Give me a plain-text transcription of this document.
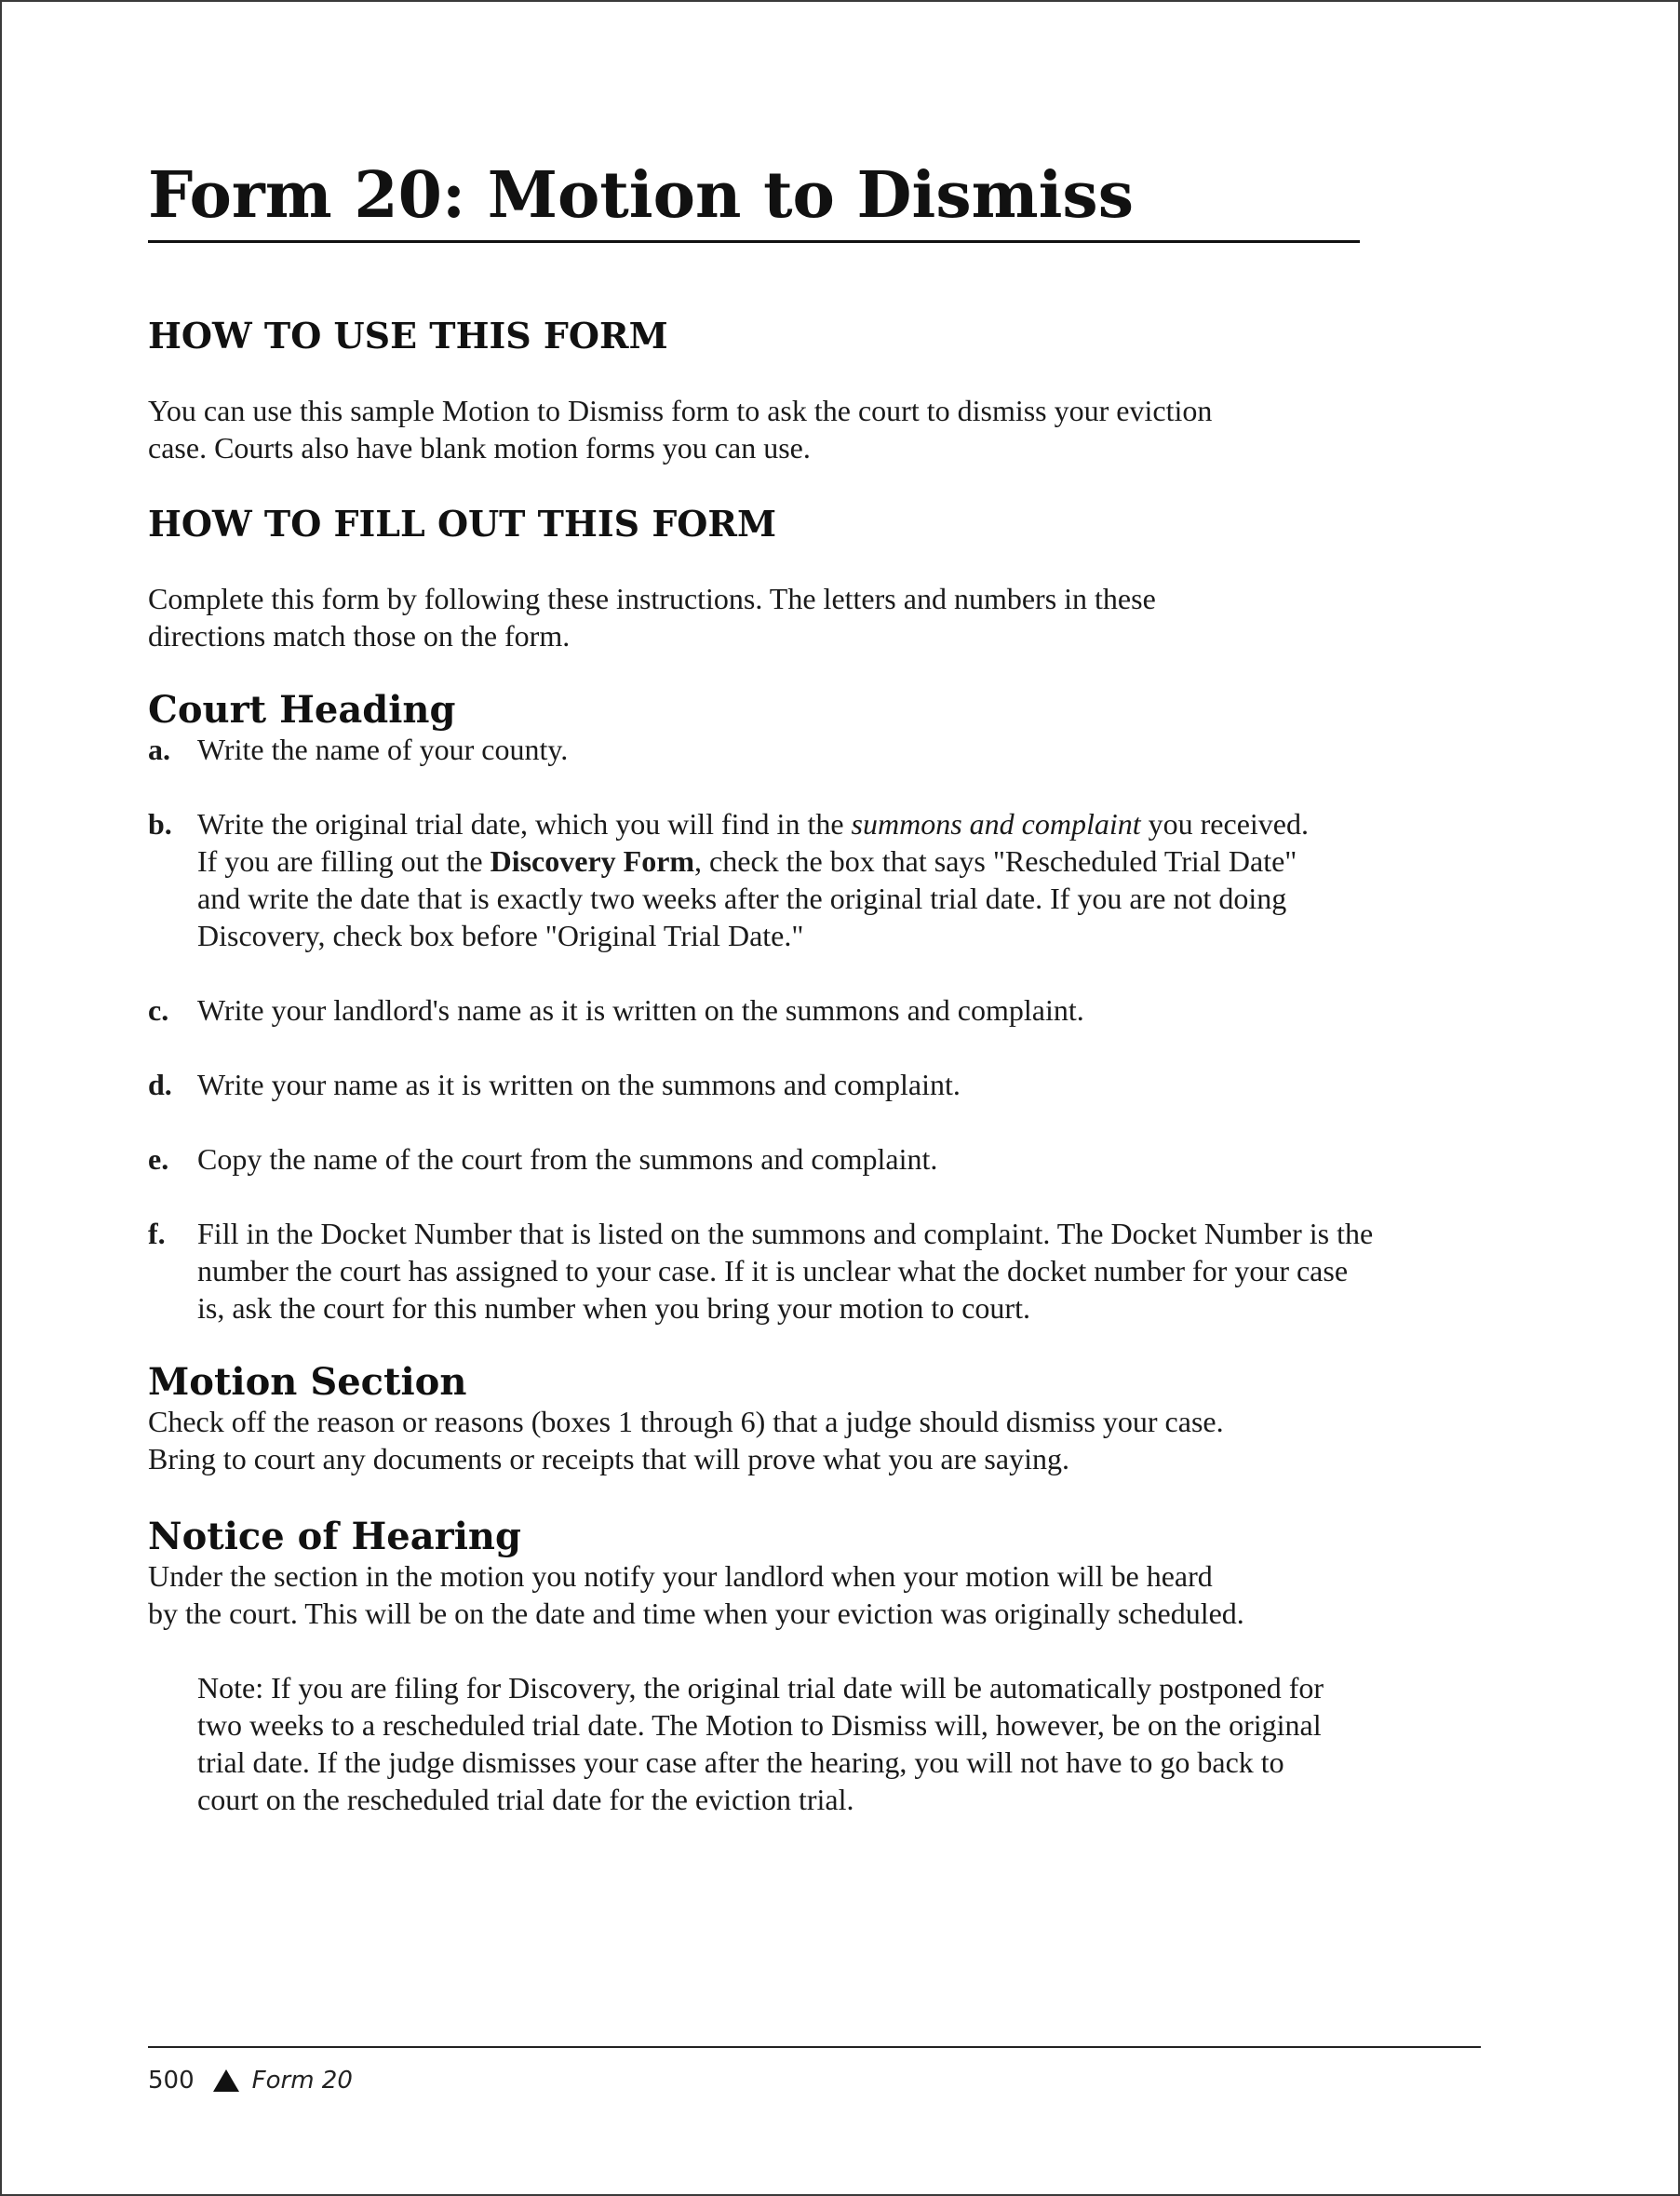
Form 20: Motion to Dismiss
HOW TO USE THIS FORM

You can use this sample Motion to Dismiss form to ask the court to dismiss your eviction

case. Courts also have blank motion forms you can use.

HOW TO FILL OUT THIS FORM

Complete this form by following these instructions. The letters and numbers in these

directions match those on the form.

Court Heading
a. Write the name of your county.
b. Write the original trial date, which you will find in the summons and complaint you received. If you are filling out the Discovery Form, check the box that says "Rescheduled Trial Date" and write the date that is exactly two weeks after the original trial date. If you are not doing Discovery, check box before "Original Trial Date."
c. Write your landlord's name as it is written on the summons and complaint.
d. Write your name as it is written on the summons and complaint.
e. Copy the name of the court from the summons and complaint.
f.	Fill in the Docket Number that is listed on the summons and complaint. The Docket Number is the number the court has assigned to your case. If it is unclear what the docket number for your case is, ask the court for this number when you bring your motion to court.
Motion Section

Check off the reason or reasons (boxes 1 through 6) that a judge should dismiss your case.

Bring to court any documents or receipts that will prove what you are saying.

Notice of Hearing

Under the section in the motion you notify your landlord when your motion will be heard

by the court. This will be on the date and time when your eviction was originally scheduled.

Note: If you are filing for Discovery, the original trial date will be automatically postponed for two weeks to a rescheduled trial date. The Motion to Dismiss will, however, be on the original trial date. If the judge dismisses your case after the hearing, you will not have to go back to court on the rescheduled trial date for the eviction trial.
500 Form 20
